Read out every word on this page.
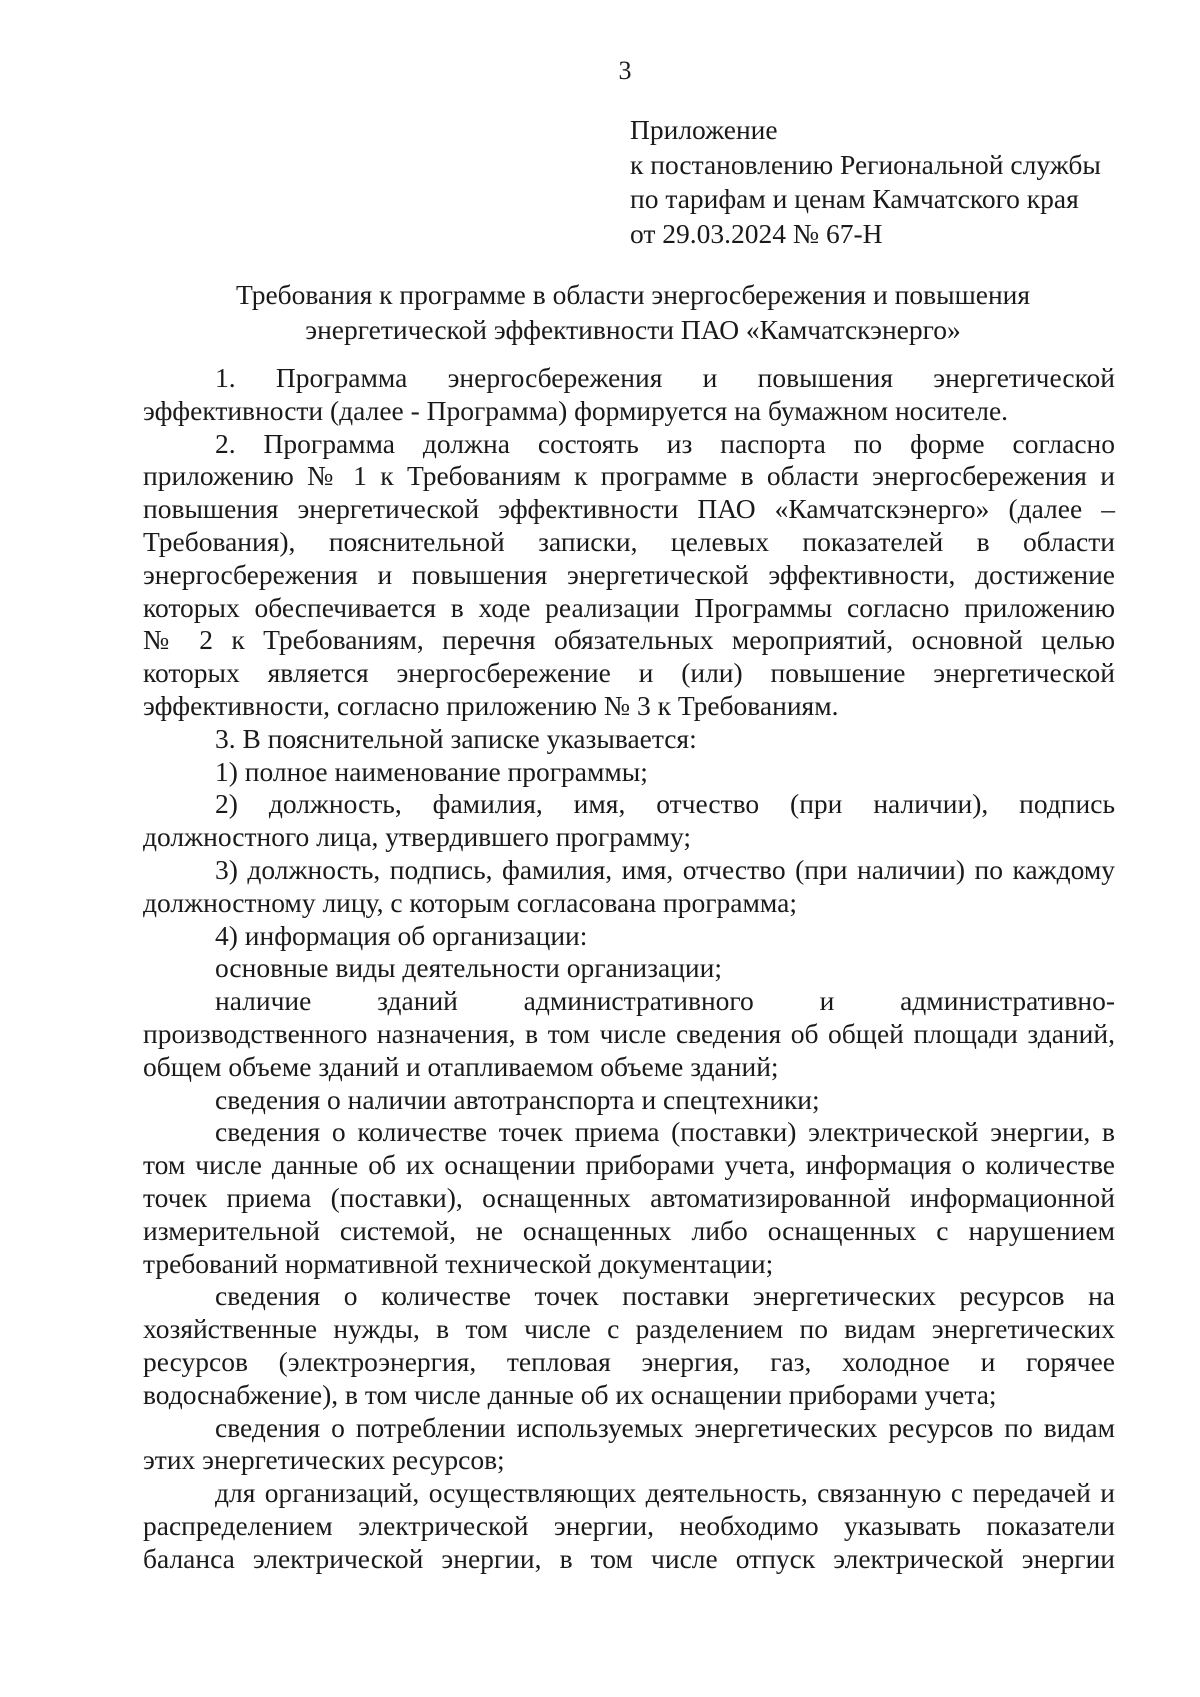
3
Приложение
к постановлению Региональной службы
по тарифам и ценам Камчатского края
от 29.03.2024 № 67-Н
Требования к программе в области энергосбережения и повышения
энергетической эффективности ПАО «Камчатскэнерго»
1. Программа энергосбережения и повышения энергетической
эффективности (далее - Программа) формируется на бумажном носителе.
2. Программа должна состоять из паспорта по форме согласно
приложению № 1 к Требованиям к программе в области энергосбережения и
повышения энергетической эффективности ПАО «Камчатскэнерго» (далее –
Требования), пояснительной записки, целевых показателей в области
энергосбережения и повышения энергетической эффективности, достижение
которых обеспечивается в ходе реализации Программы согласно приложению
№ 2 к Требованиям, перечня обязательных мероприятий, основной целью
которых является энергосбережение и (или) повышение энергетической
эффективности, согласно приложению № 3 к Требованиям.
3. В пояснительной записке указывается:
1) полное наименование программы;
2) должность, фамилия, имя, отчество (при наличии), подпись
должностного лица, утвердившего программу;
3) должность, подпись, фамилия, имя, отчество (при наличии) по каждому
должностному лицу, с которым согласована программа;
4) информация об организации:
основные виды деятельности организации;
наличие зданий административного и административно-
производственного назначения, в том числе сведения об общей площади зданий,
общем объеме зданий и отапливаемом объеме зданий;
сведения о наличии автотранспорта и спецтехники;
сведения о количестве точек приема (поставки) электрической энергии, в
том числе данные об их оснащении приборами учета, информация о количестве
точек приема (поставки), оснащенных автоматизированной информационной
измерительной системой, не оснащенных либо оснащенных с нарушением
требований нормативной технической документации;
сведения о количестве точек поставки энергетических ресурсов на
хозяйственные нужды, в том числе с разделением по видам энергетических
ресурсов (электроэнергия, тепловая энергия, газ, холодное и горячее
водоснабжение), в том числе данные об их оснащении приборами учета;
сведения о потреблении используемых энергетических ресурсов по видам
этих энергетических ресурсов;
для организаций, осуществляющих деятельность, связанную с передачей и
распределением электрической энергии, необходимо указывать показатели
баланса электрической энергии, в том числе отпуск электрической энергии
